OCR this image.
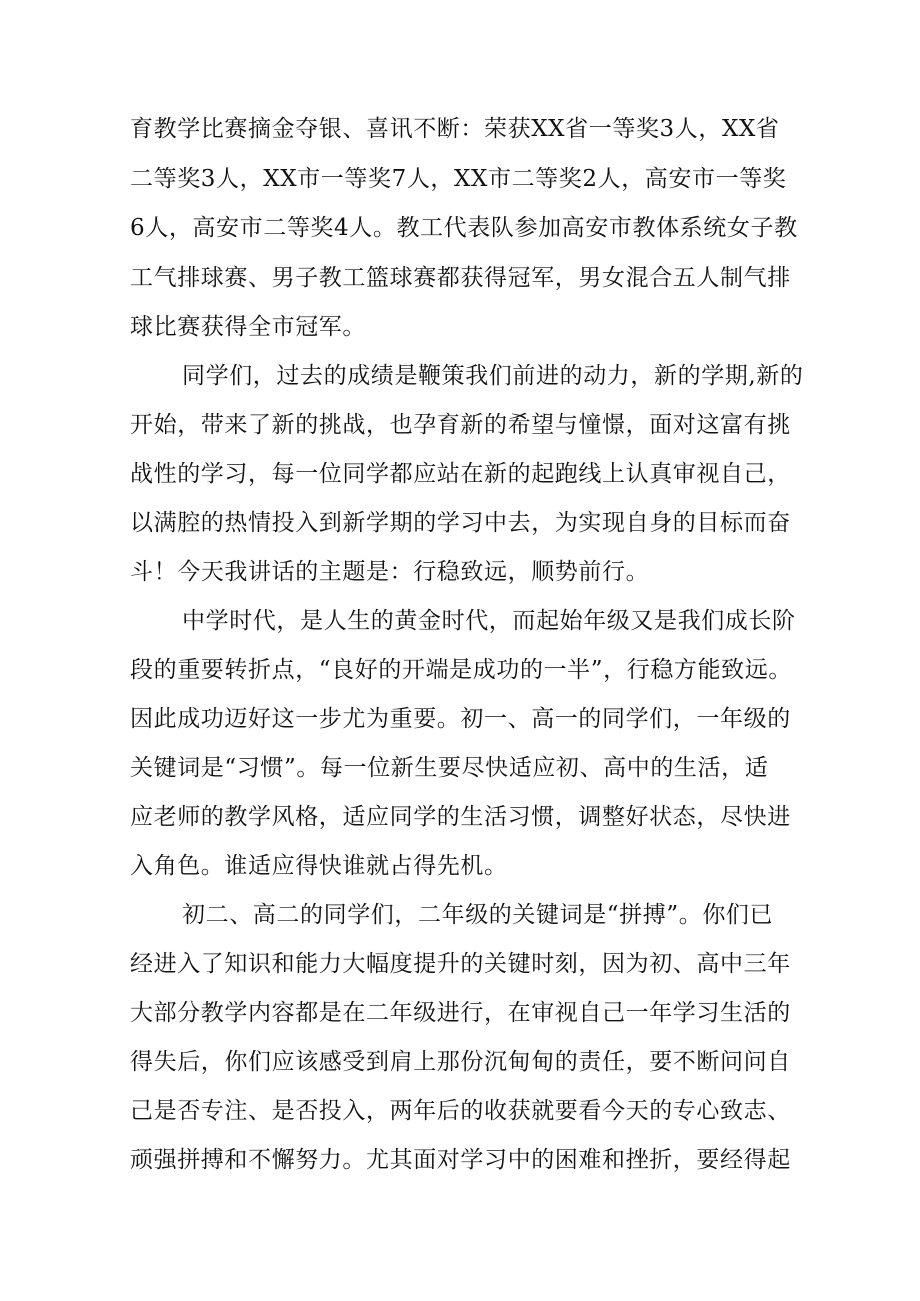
育教学比赛摘金夺银、喜讯不断：荣获XX省一等奖3人，XX省
二等奖3人，XX市一等奖7人，XX市二等奖2人，高安市一等奖
6人，高安市二等奖4人。教工代表队参加高安市教体系统女子教
工气排球赛、男子教工篮球赛都获得冠军，男女混合五人制气排
球比赛获得全市冠军。
同学们，过去的成绩是鞭策我们前进的动力，新的学期,新的
开始，带来了新的挑战，也孕育新的希望与憧憬，面对这富有挑
战性的学习，每一位同学都应站在新的起跑线上认真审视自己，
以满腔的热情投入到新学期的学习中去，为实现自身的目标而奋
斗！今天我讲话的主题是：行稳致远，顺势前行。
中学时代，是人生的黄金时代，而起始年级又是我们成长阶
段的重要转折点，“良好的开端是成功的一半”，行稳方能致远。
因此成功迈好这一步尤为重要。初一、高一的同学们，一年级的
关键词是“习惯”。每一位新生要尽快适应初、高中的生活，适
应老师的教学风格，适应同学的生活习惯，调整好状态，尽快进
入角色。谁适应得快谁就占得先机。
初二、高二的同学们，二年级的关键词是“拼搏”。你们已
经进入了知识和能力大幅度提升的关键时刻，因为初、高中三年
大部分教学内容都是在二年级进行，在审视自己一年学习生活的
得失后，你们应该感受到肩上那份沉甸甸的责任，要不断问问自
己是否专注、是否投入，两年后的收获就要看今天的专心致志、
顽强拼搏和不懈努力。尤其面对学习中的困难和挫折，要经得起
